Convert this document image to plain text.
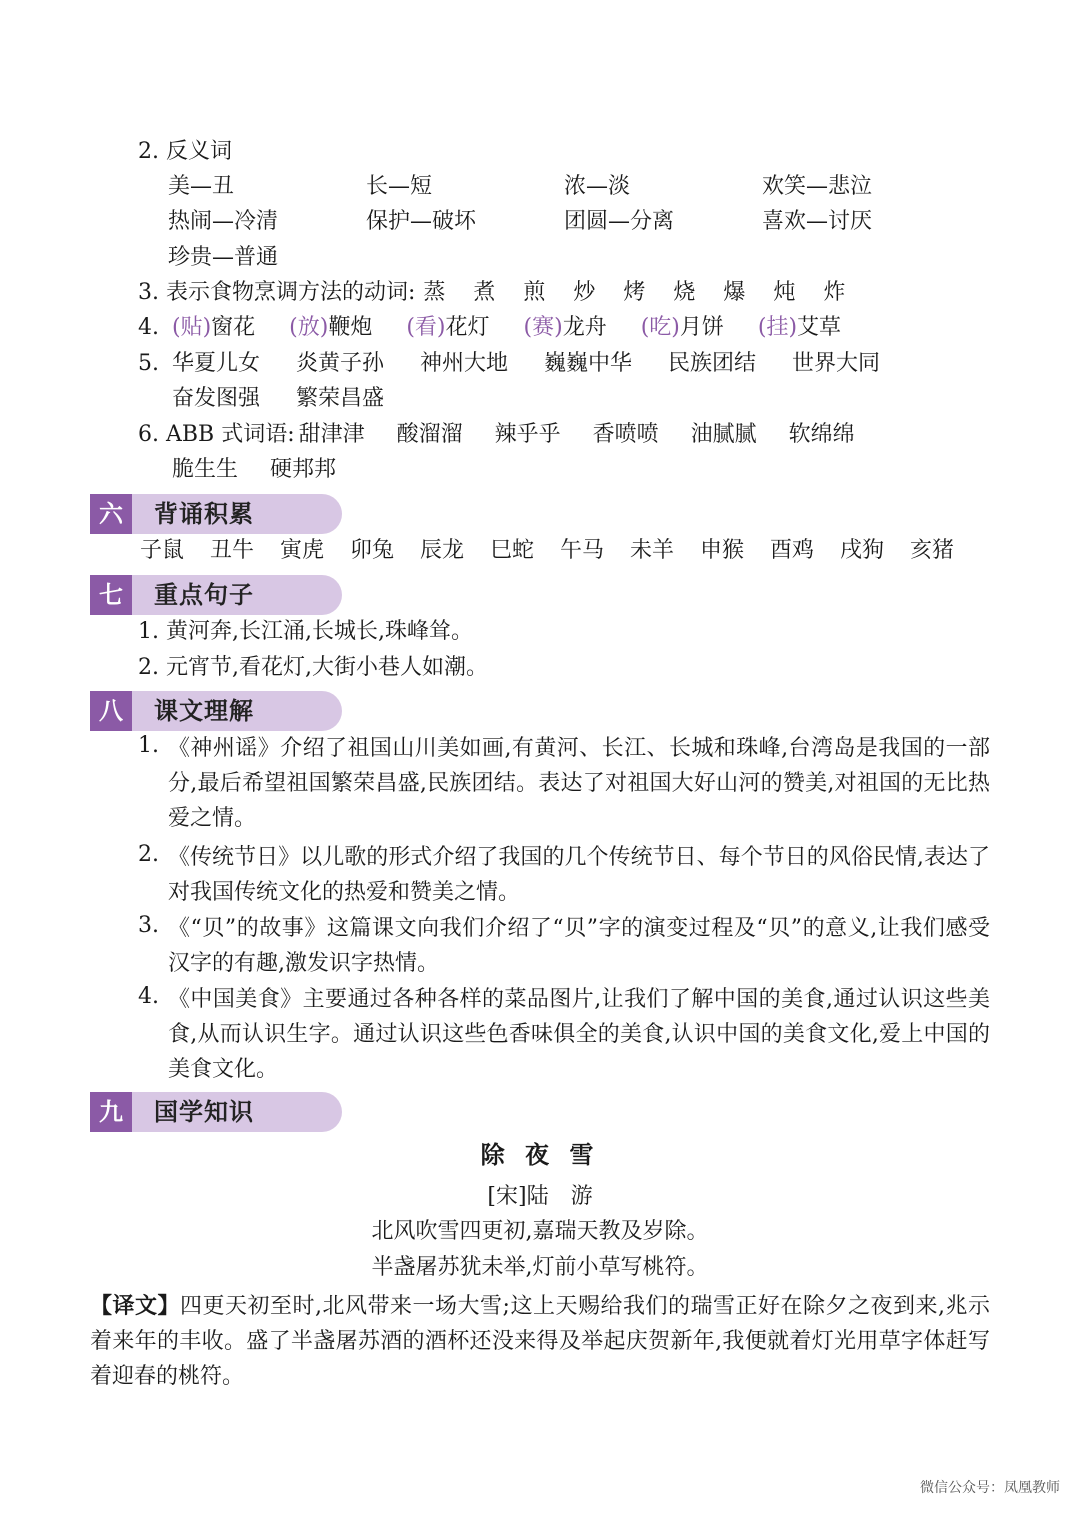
2. 反义词
美—丑	长—短	浓—淡	欢笑—悲泣
热闹—冷清	保护—破坏	团圆—分离	喜欢—讨厌
珍贵—普通
3. 表示食物烹调方法的动词: 蒸	煮	煎	炒	烤	烧	爆	炖	炸
4. (贴) 窗花	(放) 鞭炮	(看) 花灯	(赛) 龙舟	(吃) 月饼	(挂) 艾草
5. 华夏儿女	炎黄子孙	神州大地	巍巍中华	民族团结	世界大同
奋发图强	繁荣昌盛
6. ABB 式词语: 甜津津	酸溜溜	辣乎乎	香喷喷	油腻腻	软绵绵
脆生生	硬邦邦
六	背诵积累
子鼠	丑牛	寅虎	卯兔	辰龙	巳蛇	午马	未羊	申猴	酉鸡	戌狗	亥猪
七	重点句子
1. 黄河奔,长江涌,长城长,珠峰耸。
2. 元宵节,看花灯,大街小巷人如潮。
八	课文理解
1. 《神州谣》介绍了祖国山川美如画,有黄河、长江、长城和珠峰,台湾岛是我国的一部分,最后希望祖国繁荣昌盛,民族团结。表达了对祖国大好山河的赞美,对祖国的无比热爱之情。
2. 《传统节日》以儿歌的形式介绍了我国的几个传统节日、每个节日的风俗民情,表达了对我国传统文化的热爱和赞美之情。
3. 《“贝”的故事》这篇课文向我们介绍了“贝”字的演变过程及“贝”的意义,让我们感受汉字的有趣,激发识字热情。
4. 《中国美食》主要通过各种各样的菜品图片,让我们了解中国的美食,通过认识这些美食,从而认识生字。通过认识这些色香味俱全的美食,认识中国的美食文化,爱上中国的美食文化。
九	国学知识
除 夜 雪
[宋]陆　游
北风吹雪四更初,嘉瑞天教及岁除。
半盏屠苏犹未举,灯前小草写桃符。
【译文】四更天初至时,北风带来一场大雪;这上天赐给我们的瑞雪正好在除夕之夜到来,兆示着来年的丰收。盛了半盏屠苏酒的酒杯还没来得及举起庆贺新年,我便就着灯光用草字体赶写着迎春的桃符。
微信公众号：凤凰教师
